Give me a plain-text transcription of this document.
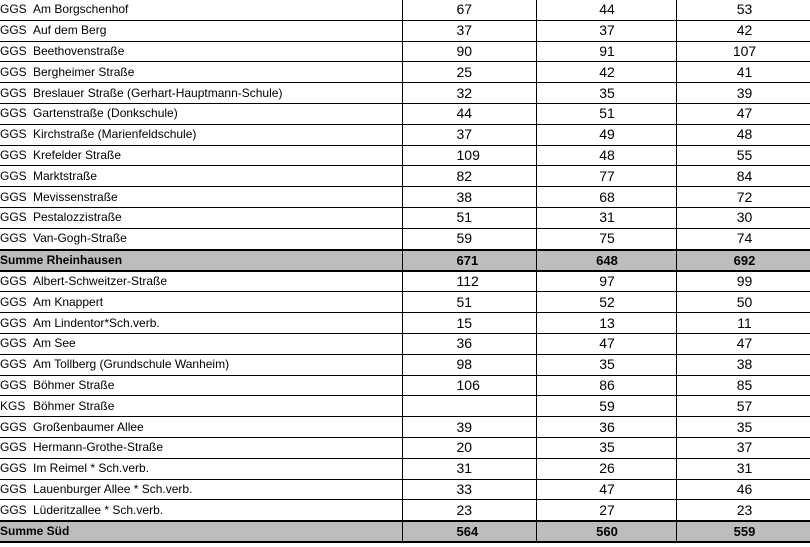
GGS Am Borgschenhof	67	44	53
GGS Auf dem Berg	37	37	42
GGS Beethovenstraße	90	91	107
GGS Bergheimer Straße	25	42	41
GGS Breslauer Straße (Gerhart-Hauptmann-Schule)	32	35	39
GGS Gartenstraße (Donkschule)	44	51	47
GGS Kirchstraße (Marienfeldschule)	37	49	48
GGS Krefelder Straße	109	48	55
GGS Marktstraße	82	77	84
GGS Mevissenstraße	38	68	72
GGS Pestalozzistraße	51	31	30
GGS Van-Gogh-Straße	59	75	74
Summe Rheinhausen	671	648	692
GGS Albert-Schweitzer-Straße	112	97	99
GGS Am Knappert	51	52	50
GGS Am Lindentor*Sch.verb.	15	13	11
GGS Am See	36	47	47
GGS Am Tollberg (Grundschule Wanheim)	98	35	38
GGS Böhmer Straße	106	86	85
KGS Böhmer Straße		59	57
GGS Großenbaumer Allee	39	36	35
GGS Hermann-Grothe-Straße	20	35	37
GGS Im Reimel * Sch.verb.	31	26	31
GGS Lauenburger Allee * Sch.verb.	33	47	46
GGS Lüderitzallee * Sch.verb.	23	27	23
Summe Süd	564	560	559
